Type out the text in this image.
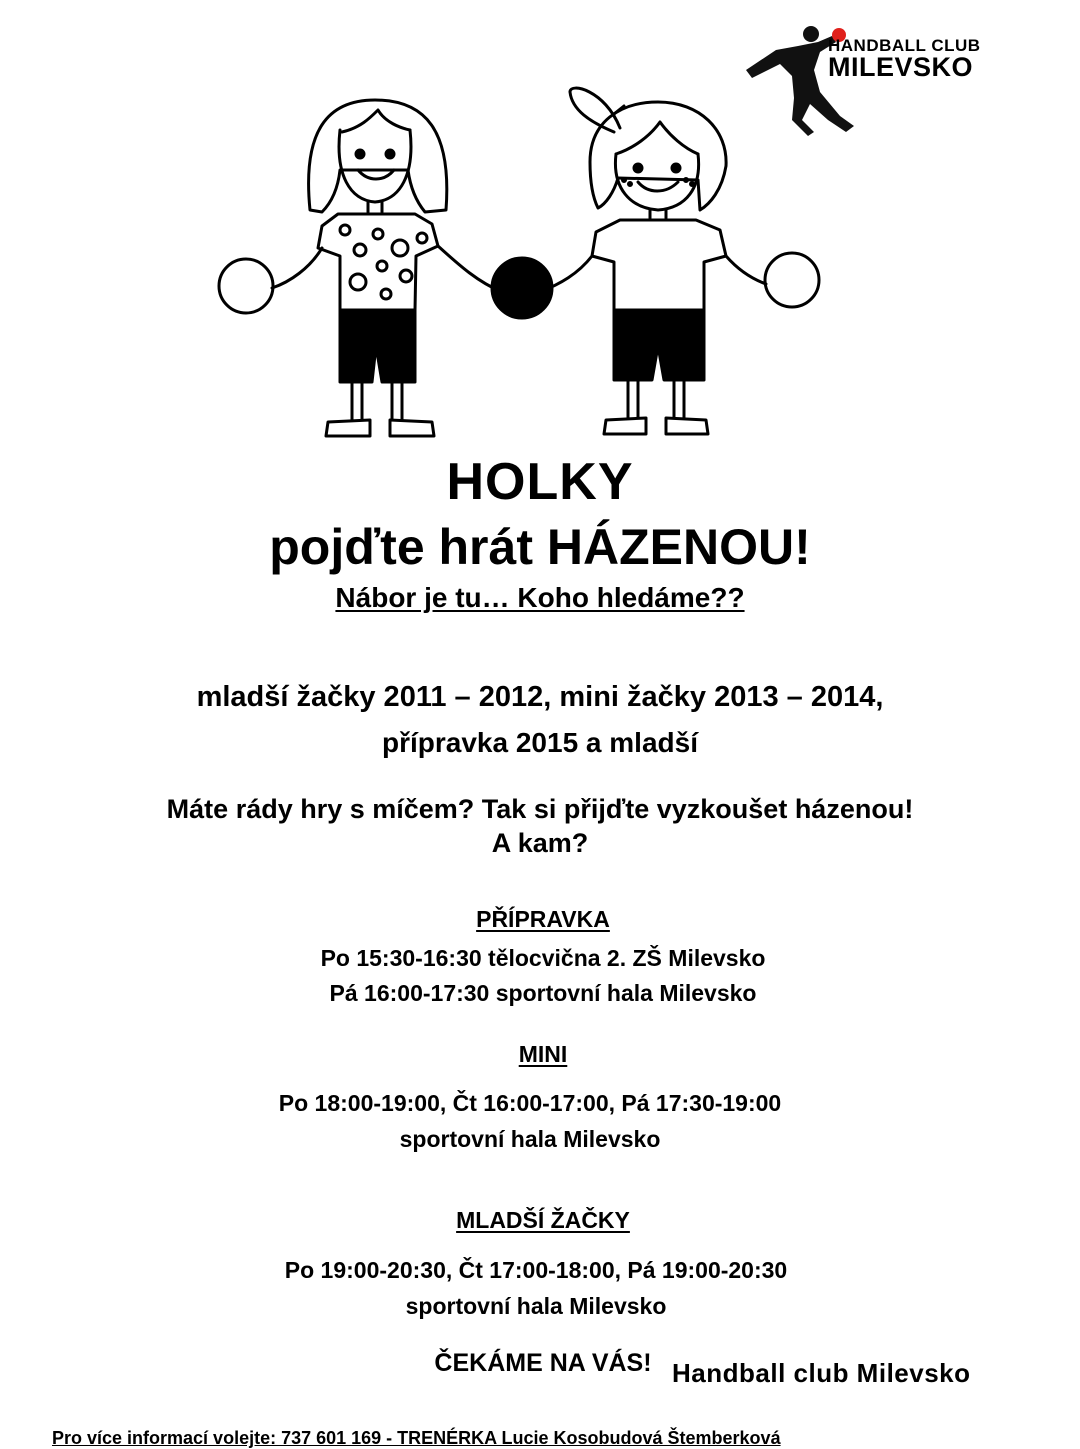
HANDBALL CLUB
MILEVSKO
HOLKY
pojďte hrát HÁZENOU!
Nábor je tu… Koho hledáme??
mladší žačky 2011 – 2012, mini žačky 2013 – 2014,
přípravka 2015 a mladší
Máte rády hry s míčem? Tak si přijďte vyzkoušet házenou!
A kam?
PŘÍPRAVKA
Po 15:30-16:30 tělocvična 2. ZŠ Milevsko
Pá 16:00-17:30 sportovní hala Milevsko
MINI
Po 18:00-19:00, Čt 16:00-17:00, Pá 17:30-19:00
sportovní hala Milevsko
MLADŠÍ ŽAČKY
Po 19:00-20:30, Čt 17:00-18:00, Pá 19:00-20:30
sportovní hala Milevsko
ČEKÁME NA VÁS! Handball club Milevsko
Pro více informací volejte: 737 601 169 - TRENÉRKA Lucie Kosobudová Štemberková
